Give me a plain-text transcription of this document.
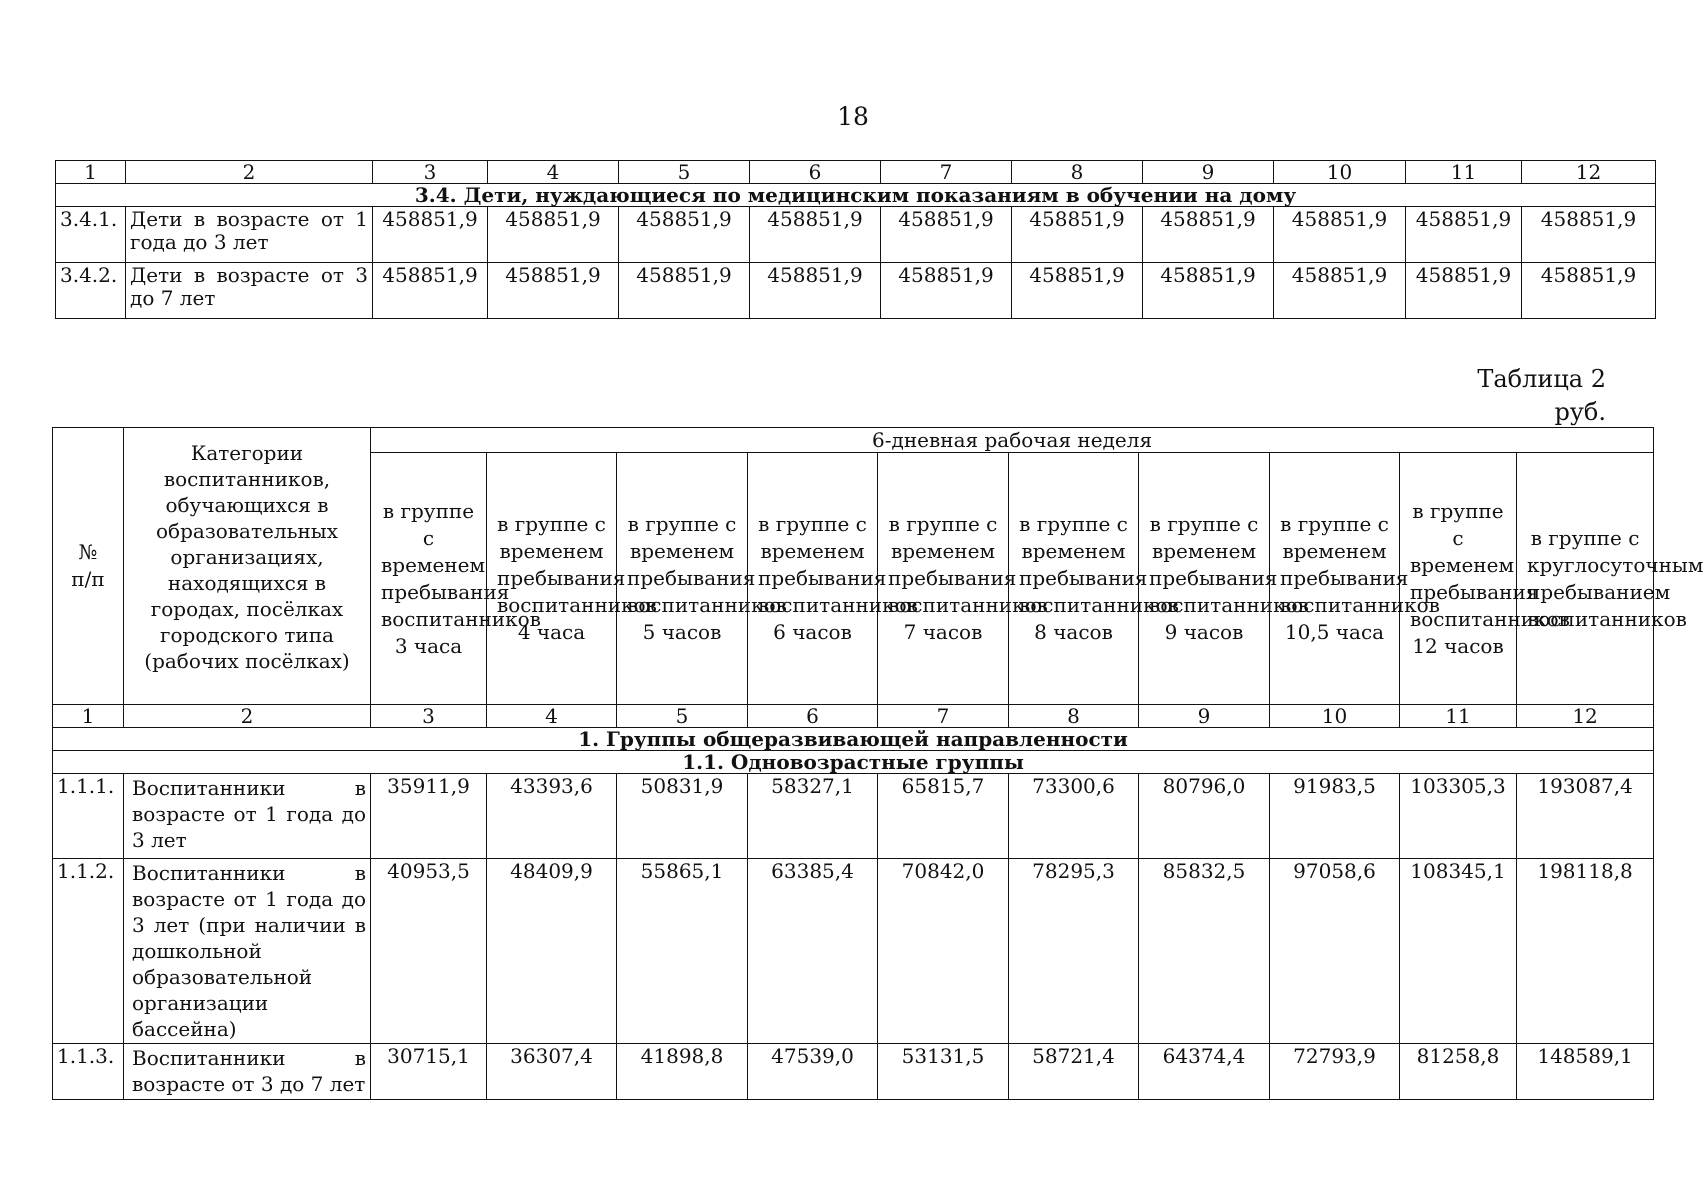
18
1	2	3	4	5	6	7	8	9	10	11	12
3.4. Дети, нуждающиеся по медицинским показаниям в обучении на дому											
3.4.1.	Дети в возрасте от 1 года до 3 лет	458851,9	458851,9	458851,9	458851,9	458851,9	458851,9	458851,9	458851,9	458851,9	458851,9
3.4.2.	Дети в возрасте от 3 до 7 лет	458851,9	458851,9	458851,9	458851,9	458851,9	458851,9	458851,9	458851,9	458851,9	458851,9
Таблица 2
руб.
№ п/п	Категории воспитанников, обучающихся в образовательных организациях, находящихся в городах, посёлках городского типа (рабочих посёлках)	6-дневная рабочая неделя									
		в группе с временем пребывания воспитанников 3 часа	в группе с временем пребывания воспитанников 4 часа	в группе с временем пребывания воспитанников 5 часов	в группе с временем пребывания воспитанников 6 часов	в группе с временем пребывания воспитанников 7 часов	в группе с временем пребывания воспитанников 8 часов	в группе с временем пребывания воспитанников 9 часов	в группе с временем пребывания воспитанников 10,5 часа	в группе с временем пребывания воспитанников 12 часов	в группе с круглосуточным пребыванием воспитанников
1	2	3	4	5	6	7	8	9	10	11	12
1. Группы общеразвивающей направленности											
1.1. Одновозрастные группы											
1.1.1.	Воспитанники в возрасте от 1 года до 3 лет	35911,9	43393,6	50831,9	58327,1	65815,7	73300,6	80796,0	91983,5	103305,3	193087,4
1.1.2.	Воспитанники в возрасте от 1 года до 3 лет (при наличии в дошкольной образовательной организации бассейна)	40953,5	48409,9	55865,1	63385,4	70842,0	78295,3	85832,5	97058,6	108345,1	198118,8
1.1.3.	Воспитанники в возрасте от 3 до 7 лет	30715,1	36307,4	41898,8	47539,0	53131,5	58721,4	64374,4	72793,9	81258,8	148589,1
